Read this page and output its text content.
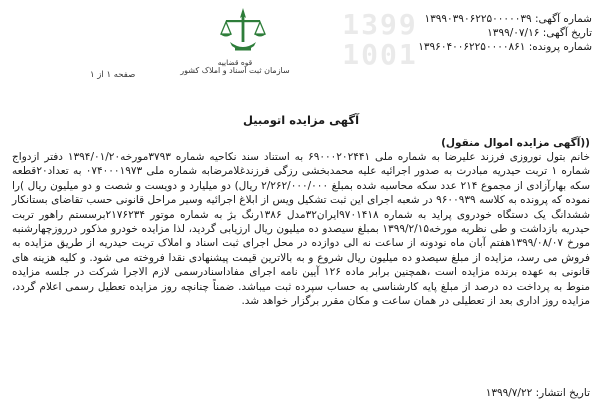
1399 1001
قوه قضاییه
سازمان ثبت اسناد و املاک کشور
صفحه ۱ از ۱
شماره آگهی: ۱۳۹۹۰۳۹۰۶۲۲۵۰۰۰۰۰۳۹
تاریخ آگهی: ۱۳۹۹/۰۷/۱۶
شماره پرونده: ۱۳۹۶۰۴۰۰۶۲۲۵۰۰۰۰۸۶۱
آگهی مزایده اتومبیل
((آگهی مزایده اموال منقول)

خانم بتول نوروزی فرزند علیرضا به شماره ملی ۶۹۰۰۰۲۰۲۴۴۱ به استناد سند نکاحیه شماره ۳۷۹۳مورخه۱۳۹۴/۰۱/۲۰ دفتر ازدواج شماره ۱ تربت حیدریه مبادرت به صدور اجرائیه علیه محمدبخشی رزگی فرزندغلامرضابه شماره ملی ۰۷۴۰۰۰۱۹۷۳ به تعداد۲۰قطعه سکه بهارآزادی از مجموع ۲۱۴ عدد سکه محاسبه شده بمبلغ ۲/۲۶۲/۰۰۰/۰۰۰ ریال) دو میلیارد و دویست و شصت و دو میلیون ریال )را نموده که پرونده به کلاسه ۹۶۰۰۹۳۹ در شعبه اجرای این ثبت تشکیل ویس از ابلاغ اجرائیه وسیر مراحل قانونی حسب تقاضای بستانکار ششدانگ یک دستگاه خودروی پراید به شماره ۹۷۰۱۴۱۸ایران۳۲مدل ۱۳۸۶رنگ بژ به شماره موتور ۲۱۷۶۲۳۴برسستم راهور تربت حیدریه بازداشت و طی نظریه مورخه۱۳۹۹/۲/۱۵ بمبلغ سیصدو ده میلیون ریال ارزیابی گردید، لذا مزایده خودرو مذکور درروزچهارشنبه مورخ ۱۳۹۹/۰۸/۰۷هفتم آبان ماه نودونه از ساعت نه الی دوازده در محل اجرای ثبت اسناد و املاک تربت حیدریه از طریق مزایده به فروش می رسد، مزایده از مبلغ سیصدو ده میلیون ریال شروع و به بالاترین قیمت پیشنهادی نقدا فروخته می شود. و کلیه هزینه های قانونی به عهده برنده مزایده است ،همچنین برابر ماده ۱۲۶ آیین نامه اجرای مفاداسنادرسمی لازم الاجرا شرکت در جلسه مزایده منوط به پرداخت ده درصد از مبلغ پایه کارشناسی به حساب سپرده ثبت میباشد. ضمناً چنانچه روز مزایده تعطیل رسمی اعلام گردد، مزایده روز اداری بعد از تعطیلی در همان ساعت و مکان مقرر برگزار خواهد شد.

تاریخ انتشار: ۱۳۹۹/۷/۲۲
